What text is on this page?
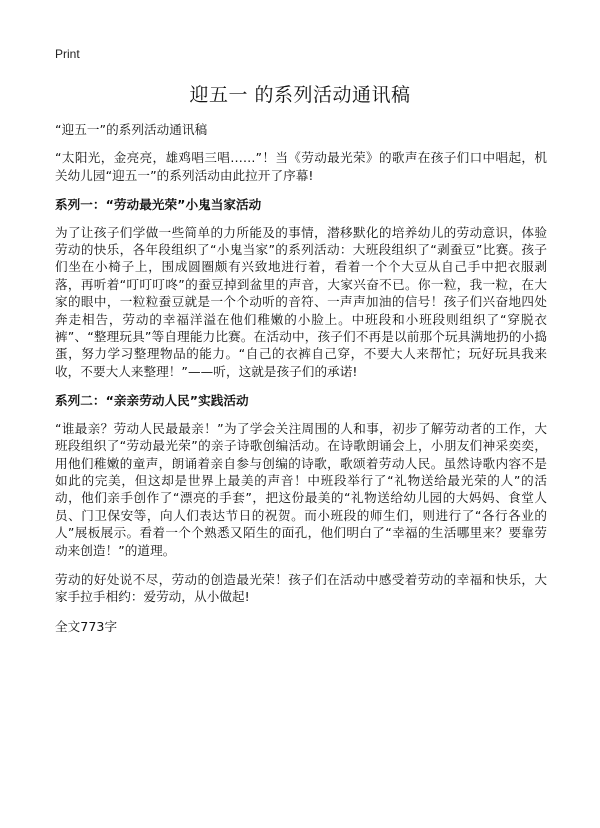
Print
迎五一 的系列活动通讯稿

“迎五一”的系列活动通讯稿

“太阳光，金亮亮，雄鸡唱三唱……”！当《劳动最光荣》的歌声在孩子们口中唱起，机关幼儿园“迎五一”的系列活动由此拉开了序幕!

系列一：“劳动最光荣”小鬼当家活动

为了让孩子们学做一些简单的力所能及的事情，潜移默化的培养幼儿的劳动意识，体验劳动的快乐，各年段组织了“小鬼当家”的系列活动：大班段组织了“剥蚕豆”比赛。孩子们坐在小椅子上，围成圆圈颇有兴致地进行着，看着一个个大豆从自己手中把衣服剥落，再听着“叮叮叮咚”的蚕豆掉到盆里的声音，大家兴奋不已。你一粒，我一粒，在大家的眼中，一粒粒蚕豆就是一个个动听的音符、一声声加油的信号！孩子们兴奋地四处奔走相告，劳动的幸福洋溢在他们稚嫩的小脸上。中班段和小班段则组织了“穿脱衣裤”、“整理玩具”等自理能力比赛。在活动中，孩子们不再是以前那个玩具满地扔的小捣蛋，努力学习整理物品的能力。“自己的衣裤自己穿，不要大人来帮忙；玩好玩具我来收，不要大人来整理！”——听，这就是孩子们的承诺!

系列二：“亲亲劳动人民”实践活动

“谁最亲？劳动人民最最亲！”为了学会关注周围的人和事，初步了解劳动者的工作，大班段组织了“劳动最光荣”的亲子诗歌创编活动。在诗歌朗诵会上，小朋友们神采奕奕，用他们稚嫩的童声，朗诵着亲自参与创编的诗歌，歌颂着劳动人民。虽然诗歌内容不是如此的完美，但这却是世界上最美的声音！中班段举行了“礼物送给最光荣的人”的活动，他们亲手创作了“漂亮的手套”，把这份最美的“礼物送给幼儿园的大妈妈、食堂人员、门卫保安等，向人们表达节日的祝贺。而小班段的师生们，则进行了“各行各业的人”展板展示。看着一个个熟悉又陌生的面孔，他们明白了“幸福的生活哪里来？要靠劳动来创造！”的道理。

劳动的好处说不尽，劳动的创造最光荣！孩子们在活动中感受着劳动的幸福和快乐，大家手拉手相约：爱劳动，从小做起!

全文773字
